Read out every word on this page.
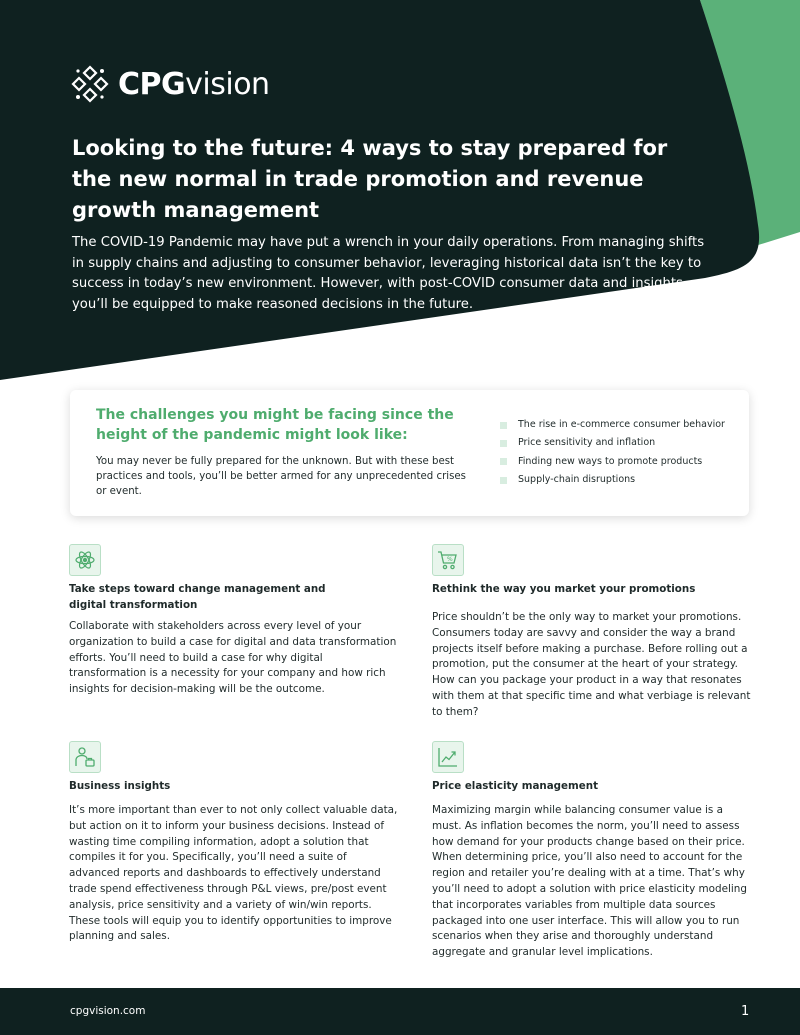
CPGvision
Looking to the future: 4 ways to stay prepared for the new normal in trade promotion and revenue growth management

The COVID-19 Pandemic may have put a wrench in your daily operations. From managing shifts in supply chains and adjusting to consumer behavior, leveraging historical data isn’t the key to success in today’s new environment. However, with post-COVID consumer data and insights, you’ll be equipped to make reasoned decisions in the future.

The challenges you might be facing since the height of the pandemic might look like:
You may never be fully prepared for the unknown. But with these best practices and tools, you’ll be better armed for any unprecedented crises or event.
The rise in e-commerce consumer behavior
Price sensitivity and inflation
Finding new ways to promote products
Supply-chain disruptions
Take steps toward change management and digital transformation
Collaborate with stakeholders across every level of your organization to build a case for digital and data transformation efforts. You’ll need to build a case for why digital transformation is a necessity for your company and how rich insights for decision-making will be the outcome.
%
Rethink the way you market your promotions
Price shouldn’t be the only way to market your promotions. Consumers today are savvy and consider the way a brand projects itself before making a purchase. Before rolling out a promotion, put the consumer at the heart of your strategy. How can you package your product in a way that resonates with them at that specific time and what verbiage is relevant to them?
Business insights
It’s more important than ever to not only collect valuable data, but action on it to inform your business decisions. Instead of wasting time compiling information, adopt a solution that compiles it for you. Specifically, you’ll need a suite of advanced reports and dashboards to effectively understand trade spend effectiveness through P&L views, pre/post event analysis, price sensitivity and a variety of win/win reports. These tools will equip you to identify opportunities to improve planning and sales.
Price elasticity management
Maximizing margin while balancing consumer value is a must. As inflation becomes the norm, you’ll need to assess how demand for your products change based on their price. When determining price, you’ll also need to account for the region and retailer you’re dealing with at a time. That’s why you’ll need to adopt a solution with price elasticity modeling that incorporates variables from multiple data sources packaged into one user interface. This will allow you to run scenarios when they arise and thoroughly understand aggregate and granular level implications.
cpgvision.com	1
